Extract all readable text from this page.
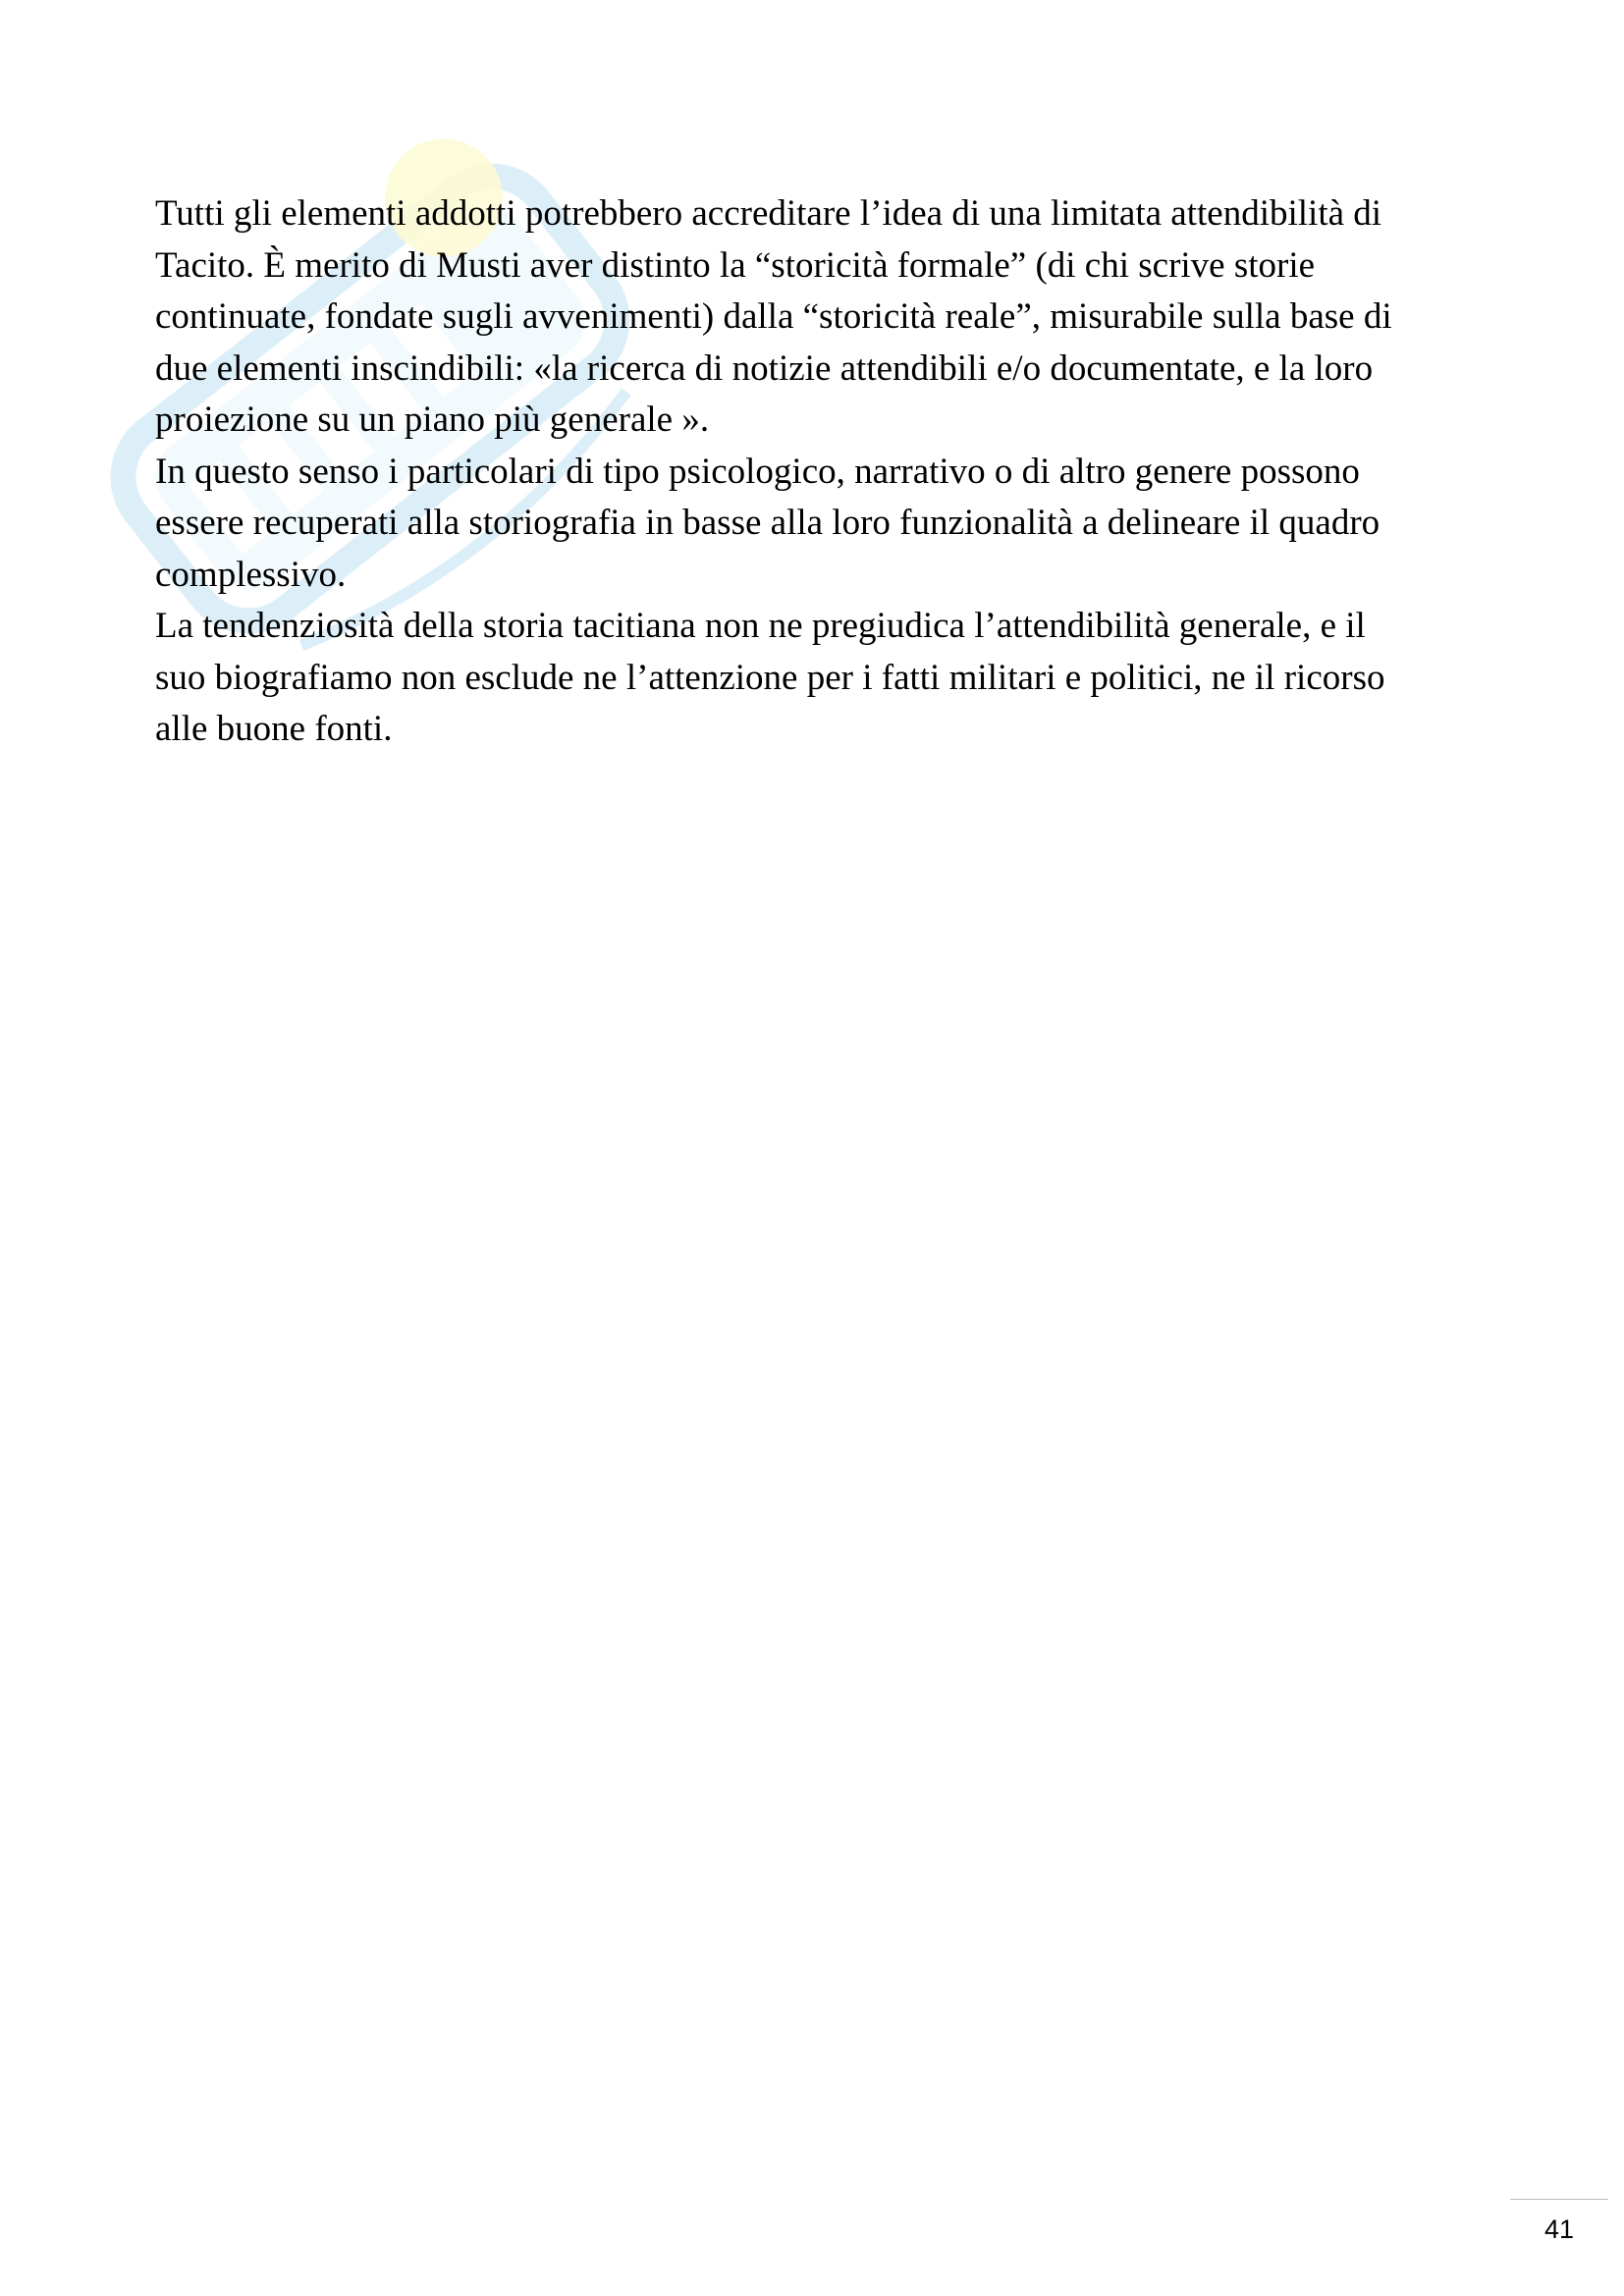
Tutti gli elementi addotti potrebbero accreditare l’idea di una limitata attendibilità di
Tacito. È merito di Musti aver distinto la “storicità formale” (di chi scrive storie
continuate, fondate sugli avvenimenti) dalla “storicità reale”, misurabile sulla base di
due elementi inscindibili: «la ricerca di notizie attendibili e/o documentate, e la loro
proiezione su un piano più generale ».
In questo senso i particolari di tipo psicologico, narrativo o di altro genere possono
essere recuperati alla storiografia in basse alla loro funzionalità a delineare il quadro
complessivo.
La tendenziosità della storia tacitiana non ne pregiudica l’attendibilità generale, e il
suo biografiamo non esclude ne l’attenzione per i fatti militari e politici, ne il ricorso
alle buone fonti.
41
